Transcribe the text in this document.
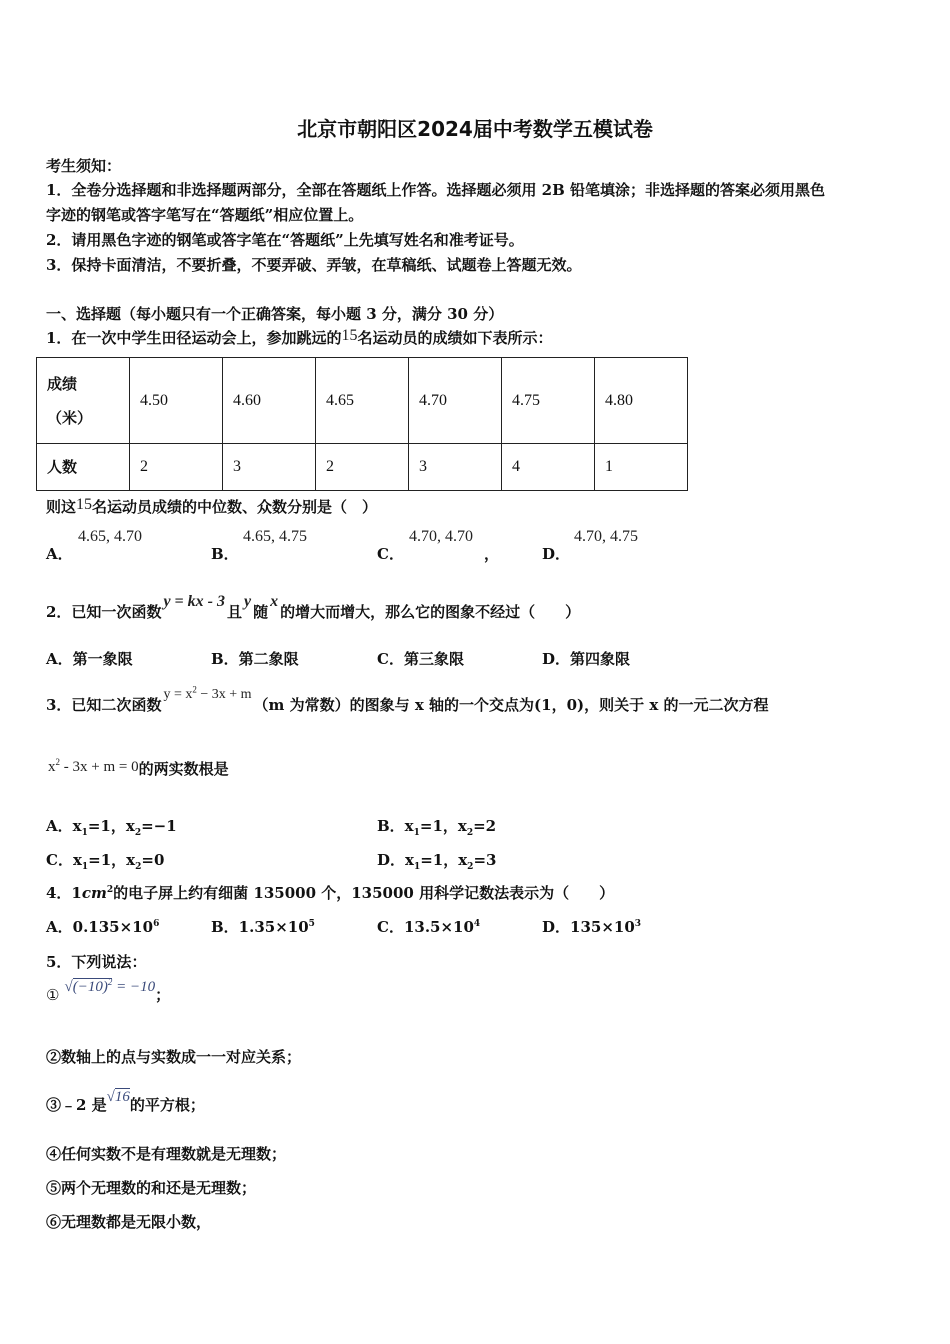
北京市朝阳区2024届中考数学五模试卷
考生须知：
1．全卷分选择题和非选择题两部分，全部在答题纸上作答。选择题必须用 2B 铅笔填涂；非选择题的答案必须用黑色
字迹的钢笔或答字笔写在“答题纸”相应位置上。
2．请用黑色字迹的钢笔或答字笔在“答题纸”上先填写姓名和准考证号。
3．保持卡面清洁，不要折叠，不要弄破、弄皱，在草稿纸、试题卷上答题无效。
一、选择题（每小题只有一个正确答案，每小题 3 分，满分 30 分）
1．在一次中学生田径运动会上，参加跳远的15名运动员的成绩如下表所示：
成绩
（米）	4.50	4.60	4.65	4.70	4.75	4.80
人数	2	3	2	3	4	1
则这15名运动员成绩的中位数、众数分别是（　）
A．
4.65, 4.70
B．
4.65, 4.75
C．
4.70, 4.70
，	D．
4.70, 4.75
2．已知一次函数y = kx - 3且y随x的增大而增大，那么它的图象不经过（　　）
A．第一象限	B．第二象限	C．第三象限	D．第四象限
3．已知二次函数$y = x^2 - 3x + m(m$ 为常数）的图象与 x 轴的一个交点为(1，0)，则关于 x 的一元二次方程
$x^2 - 3x + m = 0$的两实数根是
A．$x_1=1$，$x_2=-1$	B．$x_1=1$，$x_2=2$
C．$x_1=1$，$x_2=0$	D．$x_1=1$，$x_2=3$
4．$1cm^2$的电子屏上约有细菌 135000 个，135000 用科学记数法表示为（　　）
A．$0.135\times 10^6$	B．$1.35\times 10^5$	C．$13.5\times 10^4$	D．$135\times 10^3$
5．下列说法：
① $√(-10)^2 = -10$；
②数轴上的点与实数成一一对应关系；
③﹣2 是√16的平方根；
④任何实数不是有理数就是无理数；
⑤两个无理数的和还是无理数；
⑥无理数都是无限小数，
